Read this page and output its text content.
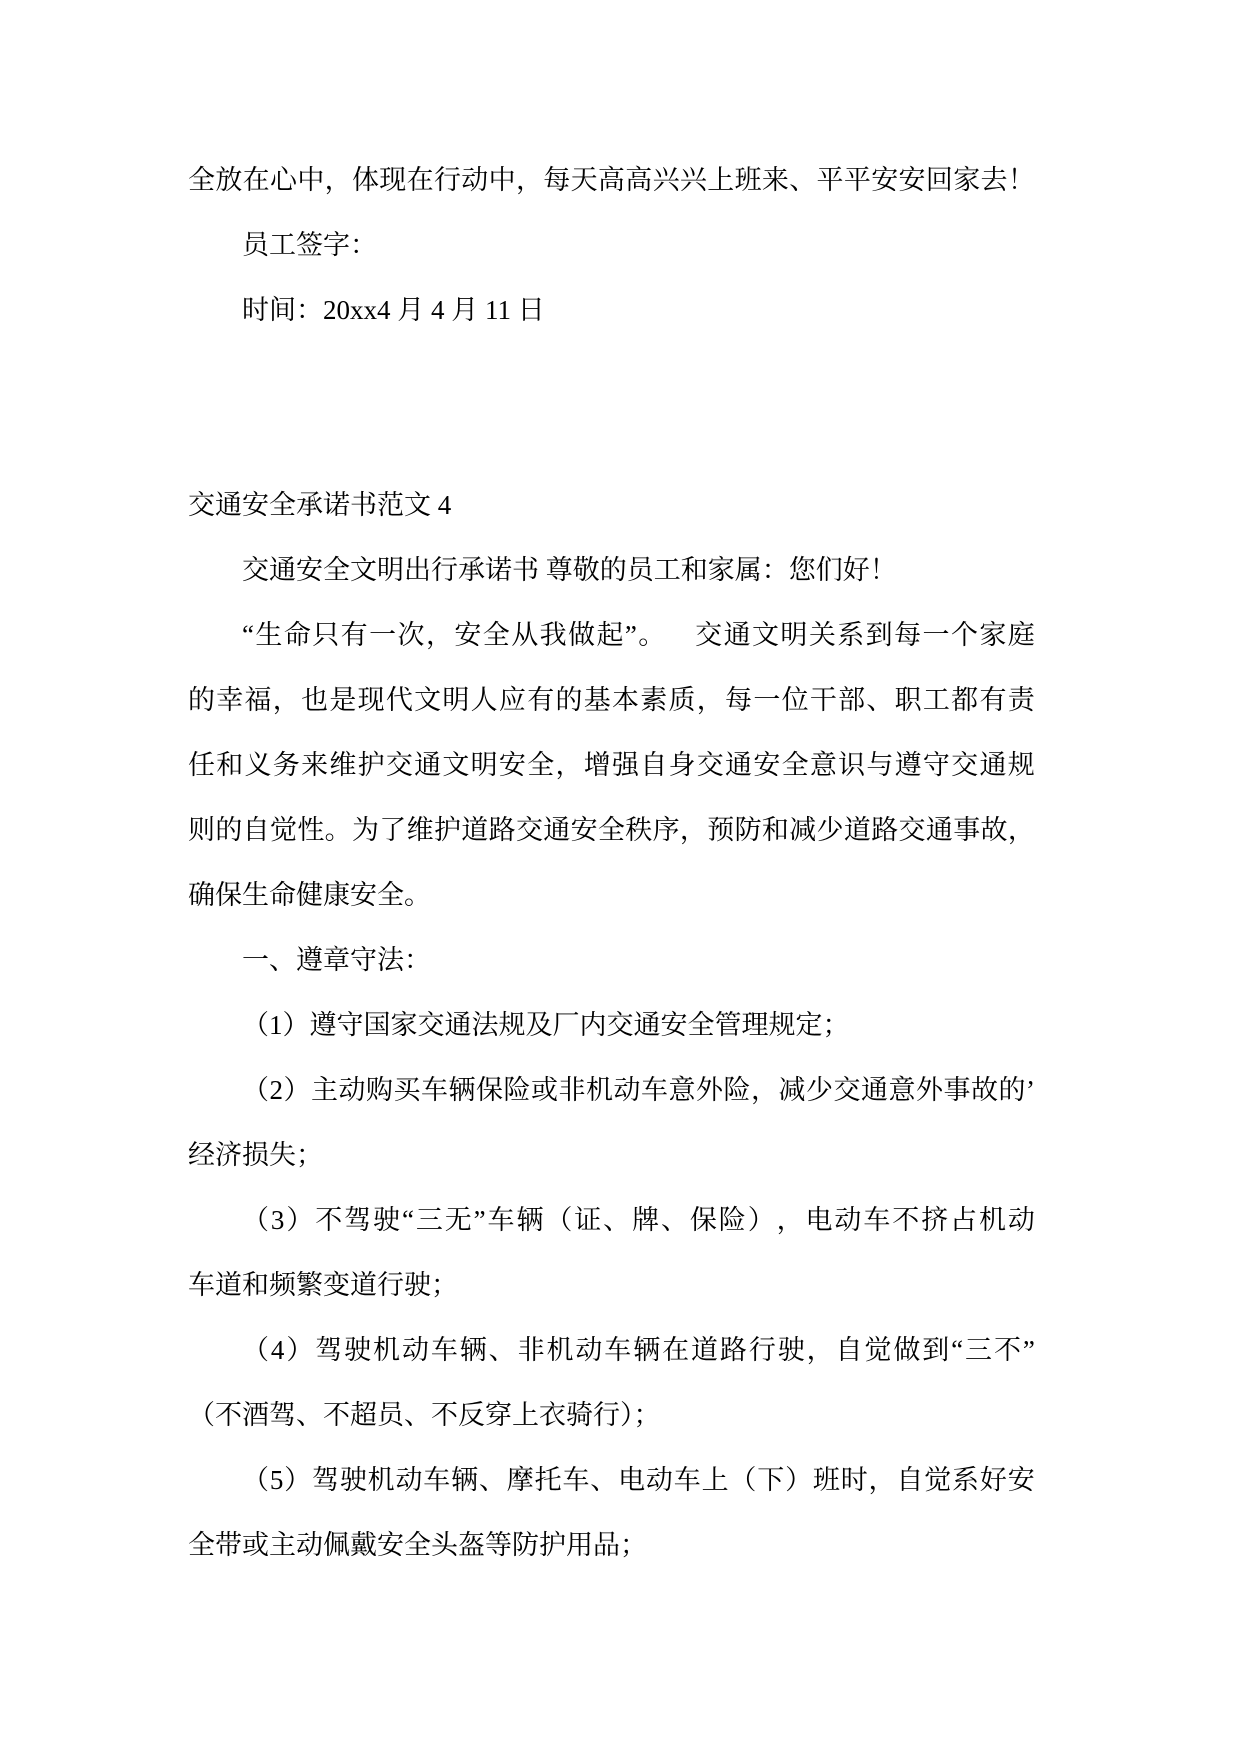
全 放 在 心 中 ， 体 现 在 行 动 中 ， 每 天 高 高 兴 兴 上 班 来 、 平 平 安 安 回 家 去 ！
员工签字：
时间：20xx4 月 4 月 11 日
交通安全承诺书范文 4
交通安全文明出行承诺书 尊敬的员工和家属：您们好！
“ 生 命 只 有 一 次 ， 安 全 从 我 做 起 ” 。 交 通 文 明 关 系 到 每 一 个 家 庭
的 幸 福 ， 也 是 现 代 文 明 人 应 有 的 基 本 素 质 ， 每 一 位 干 部 、 职 工 都 有 责
任 和 义 务 来 维 护 交 通 文 明 安 全 ， 增 强 自 身 交 通 安 全 意 识 与 遵 守 交 通 规
则 的 自 觉 性 。 为 了 维 护 道 路 交 通 安 全 秩 序 ， 预 防 和 减 少 道 路 交 通 事 故 ，
确保生命健康安全。
一、遵章守法：
（1）遵守国家交通法规及厂内交通安全管理规定；
（ 2 ） 主 动 购 买 车 辆 保 险 或 非 机 动 车 意 外 险 ， 减 少 交 通 意 外 事 故 的 ’
经济损失；
（ 3 ） 不 驾 驶 “ 三 无 ” 车 辆 （ 证 、 牌 、 保 险 ） ， 电 动 车 不 挤 占 机 动
车道和频繁变道行驶；
（ 4 ） 驾 驶 机 动 车 辆 、 非 机 动 车 辆 在 道 路 行 驶 ， 自 觉 做 到 “ 三 不 ”
（不酒驾、不超员、不反穿上衣骑行）；
（ 5 ） 驾 驶 机 动 车 辆 、 摩 托 车 、 电 动 车 上 （ 下 ） 班 时 ， 自 觉 系 好 安
全带或主动佩戴安全头盔等防护用品；
